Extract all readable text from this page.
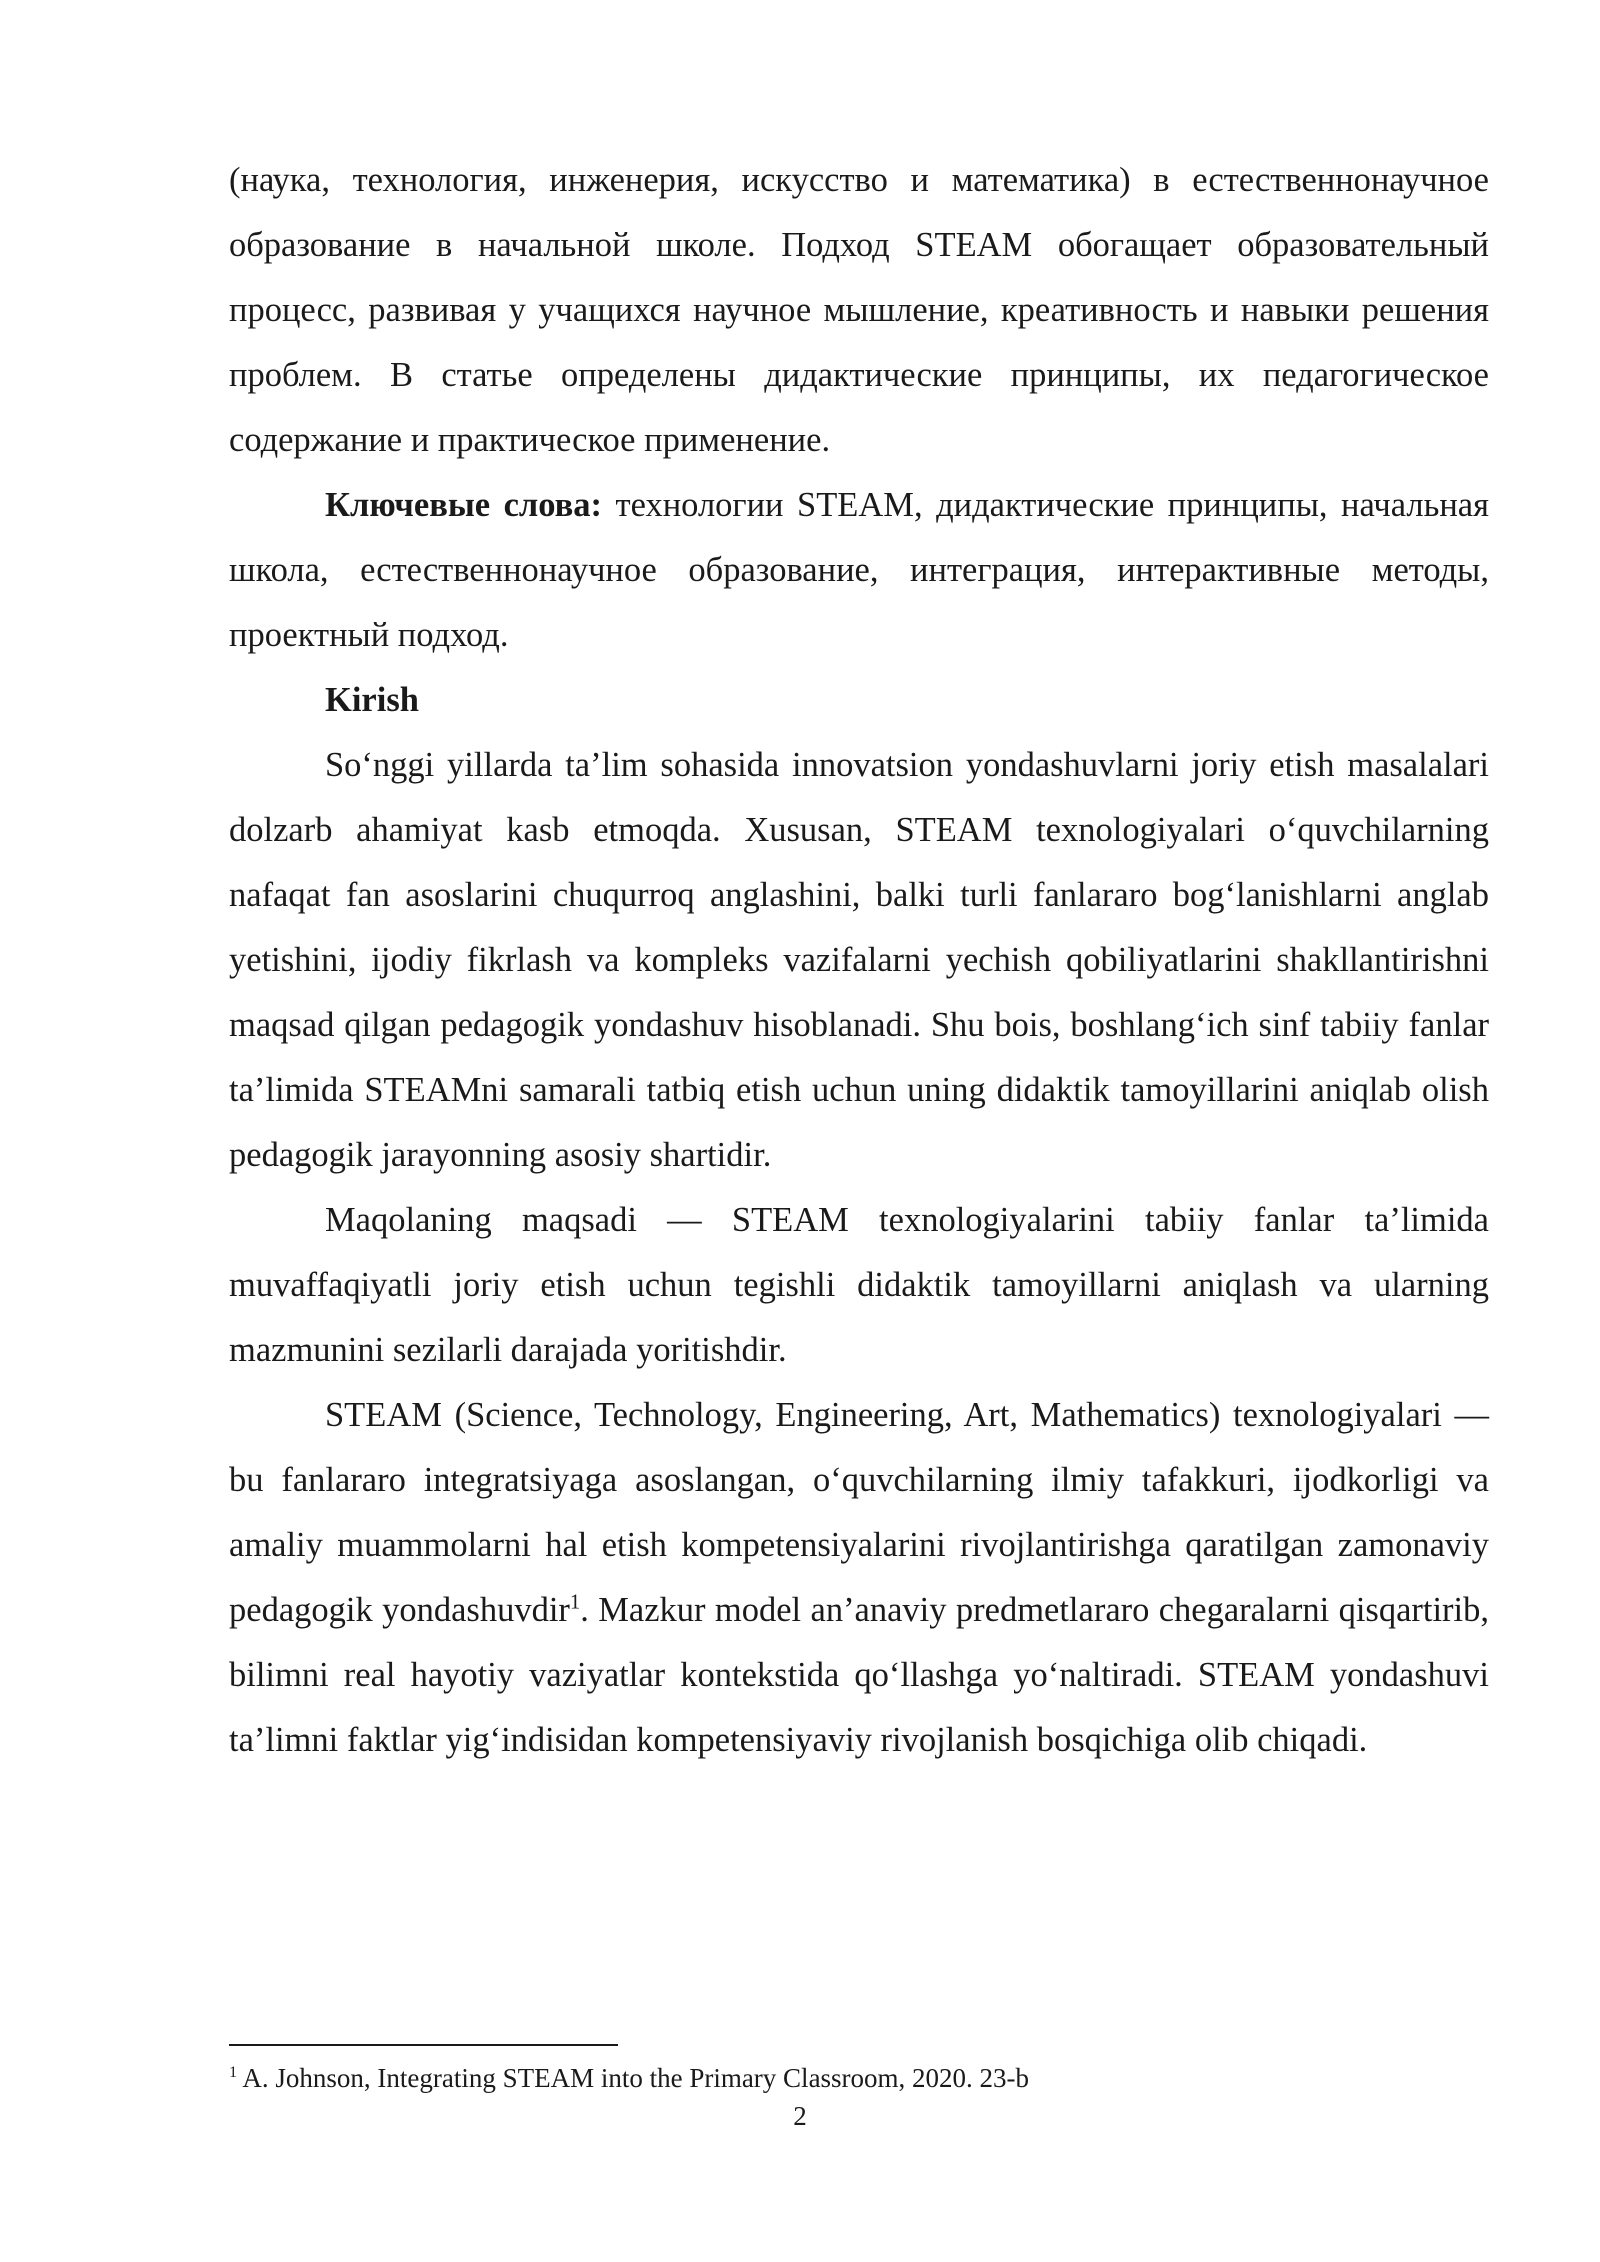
(наука, технология, инженерия, искусство и математика) в естественнонаучное образование в начальной школе. Подход STEAM обогащает образовательный процесс, развивая у учащихся научное мышление, креативность и навыки решения проблем. В статье определены дидактические принципы, их педагогическое содержание и практическое применение.

Ключевые слова: технологии STEAM, дидактические принципы, начальная школа, естественнонаучное образование, интеграция, интерактивные методы, проектный подход.

Kirish

So‘nggi yillarda ta’lim sohasida innovatsion yondashuvlarni joriy etish masalalari dolzarb ahamiyat kasb etmoqda. Xususan, STEAM texnologiyalari o‘quvchilarning nafaqat fan asoslarini chuqurroq anglashini, balki turli fanlararo bog‘lanishlarni anglab yetishini, ijodiy fikrlash va kompleks vazifalarni yechish qobiliyatlarini shakllantirishni maqsad qilgan pedagogik yondashuv hisoblanadi. Shu bois, boshlang‘ich sinf tabiiy fanlar ta’limida STEAMni samarali tatbiq etish uchun uning didaktik tamoyillarini aniqlab olish pedagogik jarayonning asosiy shartidir.

Maqolaning maqsadi — STEAM texnologiyalarini tabiiy fanlar ta’limida muvaffaqiyatli joriy etish uchun tegishli didaktik tamoyillarni aniqlash va ularning mazmunini sezilarli darajada yoritishdir.

STEAM (Science, Technology, Engineering, Art, Mathematics) texnologiyalari — bu fanlararo integratsiyaga asoslangan, o‘quvchilarning ilmiy tafakkuri, ijodkorligi va amaliy muammolarni hal etish kompetensiyalarini rivojlantirishga qaratilgan zamonaviy pedagogik yondashuvdir$^1$. Mazkur model an’anaviy predmetlararo chegaralarni qisqartirib, bilimni real hayotiy vaziyatlar kontekstida qo‘llashga yo‘naltiradi. STEAM yondashuvi ta’limni faktlar yig‘indisidan kompetensiyaviy rivojlanish bosqichiga olib chiqadi.

$^1$ A. Johnson, Integrating STEAM into the Primary Classroom, 2020. 23-b
2
